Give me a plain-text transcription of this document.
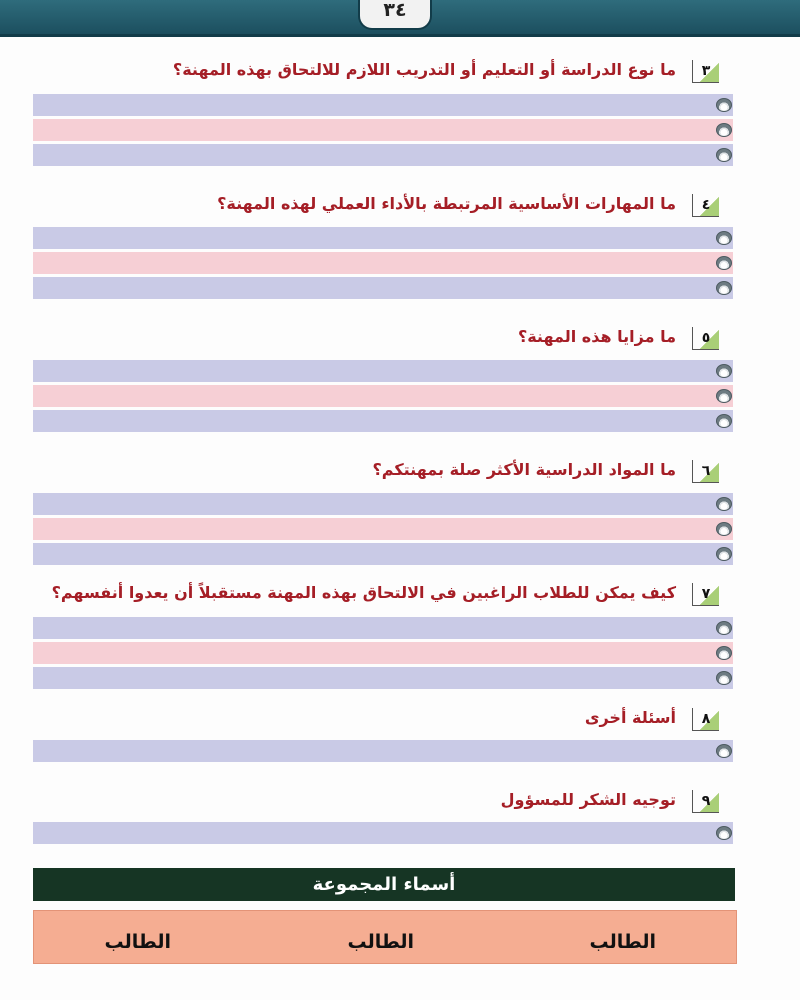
٣٤
٣
ما نوع الدراسة أو التعليم أو التدريب اللازم للالتحاق بهذه المهنة؟
٤
ما المهارات الأساسية المرتبطة بالأداء العملي لهذه المهنة؟
٥
ما مزايا هذه المهنة؟
٦
ما المواد الدراسية الأكثر صلة بمهنتكم؟
٧
كيف يمكن للطلاب الراغبين في الالتحاق بهذه المهنة مستقبلاً أن يعدوا أنفسهم؟
٨
أسئلة أخرى
٩
توجيه الشكر للمسؤول
أسماء المجموعة
الطالب
الطالب
الطالب
